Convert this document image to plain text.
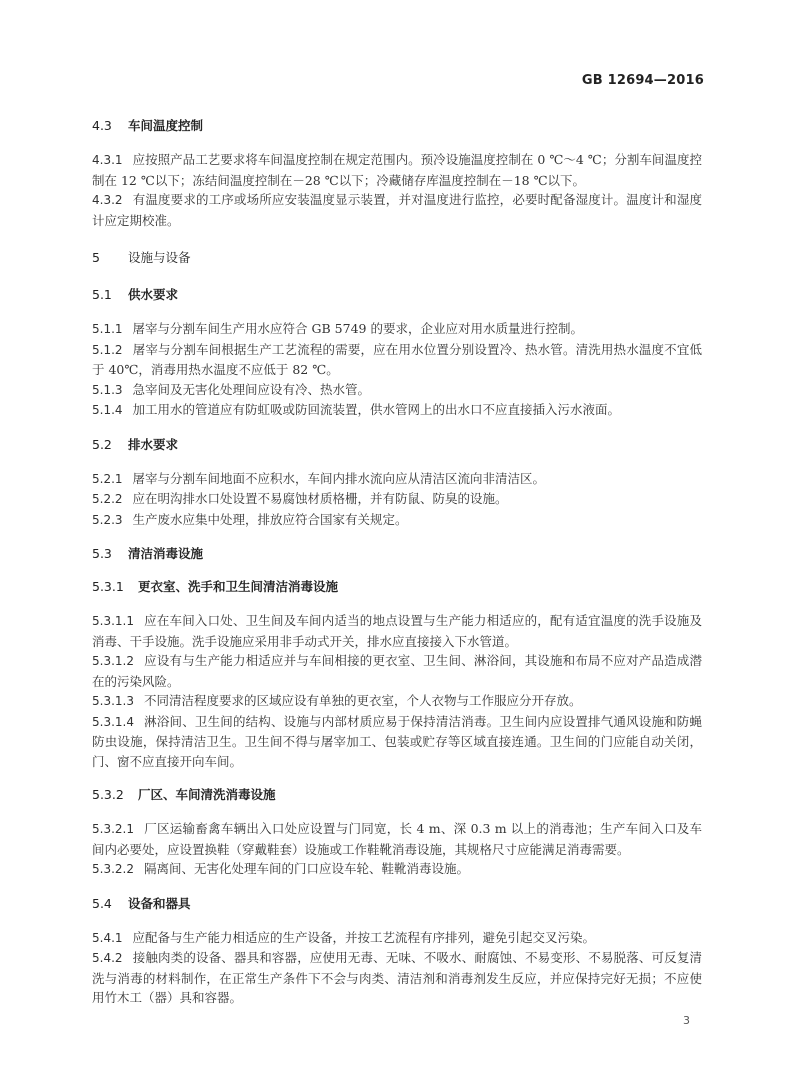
GB 12694—2016

4.3 车间温度控制

4.3.1 应按照产品工艺要求将车间温度控制在规定范围内。预冷设施温度控制在 0 ℃～4 ℃；分割车间温度控制在 12 ℃以下；冻结间温度控制在－28 ℃以下；冷藏储存库温度控制在－18 ℃以下。

4.3.2 有温度要求的工序或场所应安装温度显示装置，并对温度进行监控，必要时配备湿度计。温度计和湿度计应定期校准。

5 设施与设备

5.1 供水要求

5.1.1 屠宰与分割车间生产用水应符合 GB 5749 的要求，企业应对用水质量进行控制。

5.1.2 屠宰与分割车间根据生产工艺流程的需要，应在用水位置分别设置冷、热水管。清洗用热水温度不宜低于 40℃，消毒用热水温度不应低于 82 ℃。

5.1.3 急宰间及无害化处理间应设有冷、热水管。

5.1.4 加工用水的管道应有防虹吸或防回流装置，供水管网上的出水口不应直接插入污水液面。

5.2 排水要求

5.2.1 屠宰与分割车间地面不应积水，车间内排水流向应从清洁区流向非清洁区。

5.2.2 应在明沟排水口处设置不易腐蚀材质格栅，并有防鼠、防臭的设施。

5.2.3 生产废水应集中处理，排放应符合国家有关规定。

5.3 清洁消毒设施

5.3.1 更衣室、洗手和卫生间清洁消毒设施

5.3.1.1 应在车间入口处、卫生间及车间内适当的地点设置与生产能力相适应的，配有适宜温度的洗手设施及消毒、干手设施。洗手设施应采用非手动式开关，排水应直接接入下水管道。

5.3.1.2 应设有与生产能力相适应并与车间相接的更衣室、卫生间、淋浴间，其设施和布局不应对产品造成潜在的污染风险。

5.3.1.3 不同清洁程度要求的区域应设有单独的更衣室，个人衣物与工作服应分开存放。

5.3.1.4 淋浴间、卫生间的结构、设施与内部材质应易于保持清洁消毒。卫生间内应设置排气通风设施和防蝇防虫设施，保持清洁卫生。卫生间不得与屠宰加工、包装或贮存等区域直接连通。卫生间的门应能自动关闭，门、窗不应直接开向车间。

5.3.2 厂区、车间清洗消毒设施

5.3.2.1 厂区运输畜禽车辆出入口处应设置与门同宽，长 4 m、深 0.3 m 以上的消毒池；生产车间入口及车间内必要处，应设置换鞋（穿戴鞋套）设施或工作鞋靴消毒设施，其规格尺寸应能满足消毒需要。

5.3.2.2 隔离间、无害化处理车间的门口应设车轮、鞋靴消毒设施。

5.4 设备和器具

5.4.1 应配备与生产能力相适应的生产设备，并按工艺流程有序排列，避免引起交叉污染。

5.4.2 接触肉类的设备、器具和容器，应使用无毒、无味、不吸水、耐腐蚀、不易变形、不易脱落、可反复清洗与消毒的材料制作，在正常生产条件下不会与肉类、清洁剂和消毒剂发生反应，并应保持完好无损；不应使用竹木工（器）具和容器。

3
